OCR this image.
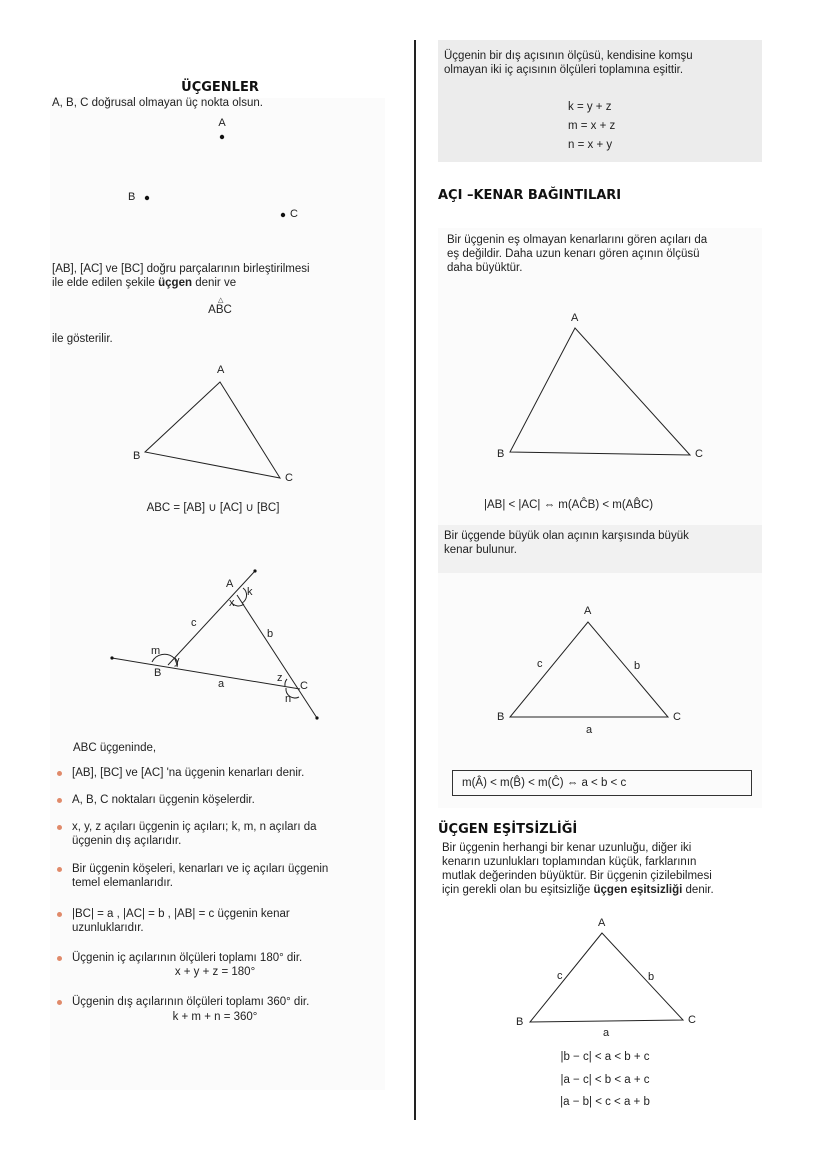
ÜÇGENLER
A, B, C doğrusal olmayan üç nokta olsun.
A
B
C
[AB], [AC] ve [BC] doğru parçalarının birleştirilmesi
ile elde edilen şekile üçgen denir ve
ABC
△
ile gösterilir.
A
B
C
ABC = [AB] ∪ [AC] ∪ [BC]
A
k
x
c
b
m
y
B
a	z
C
n
ABC üçgeninde,
[AB], [BC] ve [AC] 'na üçgenin kenarları denir.
A, B, C noktaları üçgenin köşelerdir.
x, y, z açıları üçgenin iç açıları; k, m, n açıları da
üçgenin dış açılarıdır.
Bir üçgenin köşeleri, kenarları ve iç açıları üçgenin
temel elemanlarıdır.
|BC| = a , |AC| = b , |AB| = c üçgenin kenar
uzunluklarıdır.
Üçgenin iç açılarının ölçüleri toplamı 180° dir.
x + y + z = 180°
Üçgenin dış açılarının ölçüleri toplamı 360° dir.
k + m + n = 360°
Üçgenin bir dış açısının ölçüsü, kendisine komşu
olmayan iki iç açısının ölçüleri toplamına eşittir.
k = y + z
m = x + z
n = x + y
AÇI –KENAR BAĞINTILARI
Bir üçgenin eş olmayan kenarlarını gören açıları da
eş değildir. Daha uzun kenarı gören açının ölçüsü
daha büyüktür.
A
B	C
|AB| < |AC| ⇔ m(AĈB) < m(AB̂C)
Bir üçgende büyük olan açının karşısında büyük
kenar bulunur.
A
c	b
B	C
a
m(Â) < m(B̂) < m(Ĉ) ⇔ a < b < c
ÜÇGEN EŞİTSİZLİĞİ
Bir üçgenin herhangi bir kenar uzunluğu, diğer iki
kenarın uzunlukları toplamından küçük, farklarının
mutlak değerinden büyüktür. Bir üçgenin çizilebilmesi
için gerekli olan bu eşitsizliğe üçgen eşitsizliği denir.
A
c	b
B	C
a
|b − c| < a < b + c
|a − c| < b < a + c
|a − b| < c < a + b
